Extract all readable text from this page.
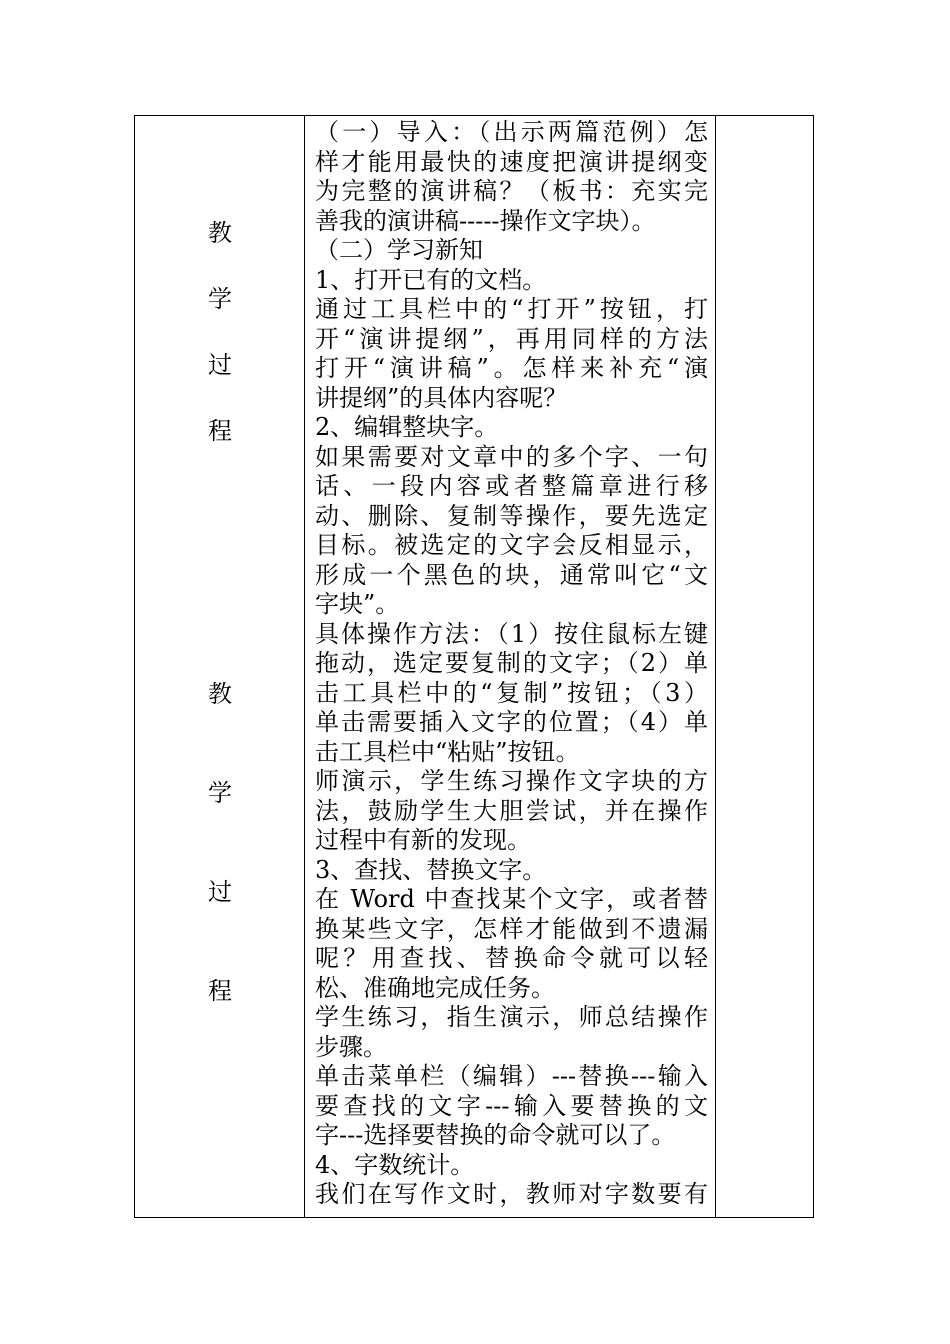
教
学
过
程
教
学
过
程
（一）导入：（出示两篇范例）怎
样才能用最快的速度把演讲提纲变
为完整的演讲稿？（板书：充实完
善我的演讲稿-----操作文字块）。
（二）学习新知
1、打开已有的文档。
通过工具栏中的“打开”按钮，打
开“演讲提纲”，再用同样的方法
打开“演讲稿”。怎样来补充“演
讲提纲”的具体内容呢？
2、编辑整块字。
如果需要对文章中的多个字、一句
话、一段内容或者整篇章进行移
动、删除、复制等操作，要先选定
目标。被选定的文字会反相显示，
形成一个黑色的块，通常叫它“文
字块”。
具体操作方法：（1）按住鼠标左键
拖动，选定要复制的文字；（2）单
击工具栏中的“复制”按钮；（3）
单击需要插入文字的位置；（4）单
击工具栏中“粘贴”按钮。
师演示，学生练习操作文字块的方
法，鼓励学生大胆尝试，并在操作
过程中有新的发现。
3、查找、替换文字。
在 Word 中查找某个文字，或者替
换某些文字，怎样才能做到不遗漏
呢？用查找、替换命令就可以轻
松、准确地完成任务。
学生练习，指生演示，师总结操作
步骤。
单击菜单栏（编辑）---替换---输入
要查找的文字---输入要替换的文
字---选择要替换的命令就可以了。
4、字数统计。
我们在写作文时，教师对字数要有
